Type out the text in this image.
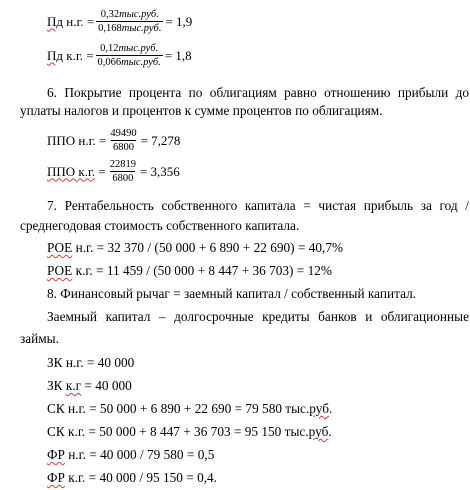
Пд н.г. = $\frac{\text{0,32тыс.руб.}}{\text{0,168тыс.руб.}} = 1,9$
Пд к.г. = $\frac{\text{0,12тыс.руб.}}{\text{0,066тыс.руб.}} = 1,8$
6. Покрытие процента по облигациям равно отношению прибыли до
уплаты налогов и процентов к сумме процентов по облигациям.
ППО н.г. = $\frac{49490}{6800} = 7,278$
ППО к.г. = $\frac{22819}{6800} = 3,356$
7. Рентабельность собственного капитала = чистая прибыль за год /
среднегодовая стоимость собственного капитала.
РОЕ н.г. = 32 370 / (50 000 + 6 890 + 22 690) = 40,7%
РОЕ к.г. = 11 459 / (50 000 + 8 447 + 36 703) = 12%
8. Финансовый рычаг = заемный капитал / собственный капитал.
Заемный капитал – долгосрочные кредиты банков и облигационные
займы.
ЗК н.г. = 40 000
ЗК к.г = 40 000
СК н.г. = 50 000 + 6 890 + 22 690 = 79 580 тыс.руб.
СК к.г. = 50 000 + 8 447 + 36 703 = 95 150 тыс.руб.
ФР н.г. = 40 000 / 79 580 = 0,5
ФР к.г. = 40 000 / 95 150 = 0,4.
